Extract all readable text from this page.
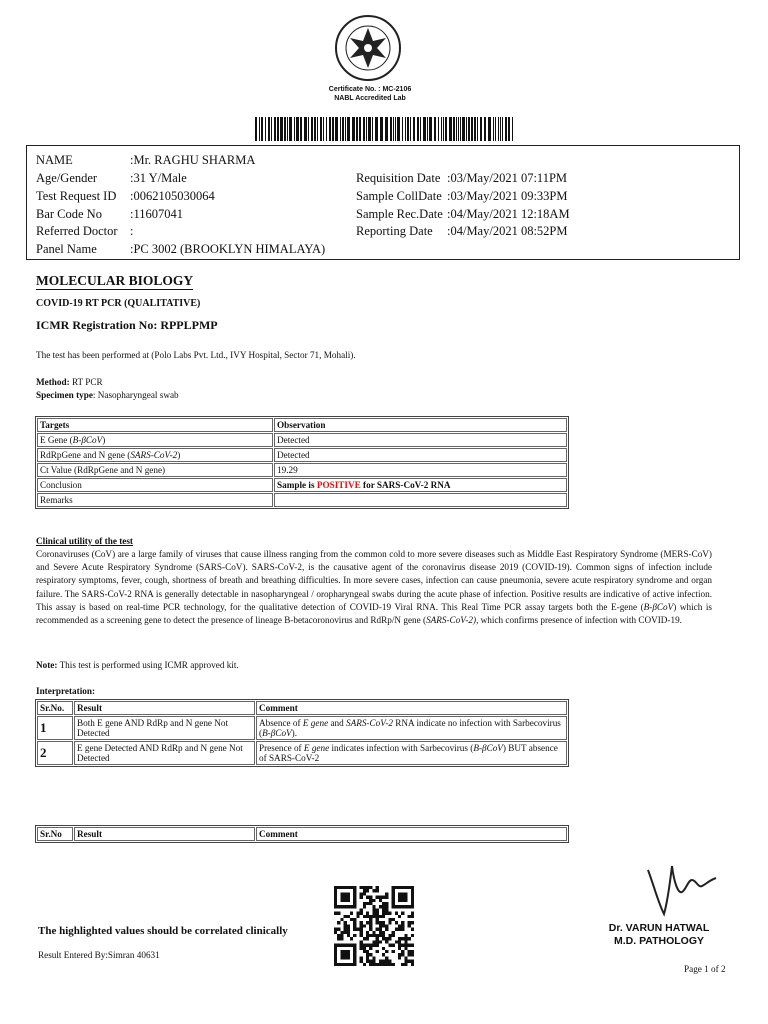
Certificate No. : MC-2106
NABL Accredited Lab
NAME	:Mr. RAGHU SHARMA
Age/Gender	:31 Y/Male
Test Request ID :0062105030064
Bar Code No :11607041
Referred Doctor :
Panel Name	:PC 3002 (BROOKLYN HIMALAYA)
Requisition Date :03/May/2021 07:11PM
Sample CollDate :03/May/2021 09:33PM
Sample Rec.Date :04/May/2021 12:18AM
Reporting Date :04/May/2021 08:52PM
MOLECULAR BIOLOGY
COVID-19 RT PCR (QUALITATIVE)
ICMR Registration No: RPPLPMP
The test has been performed at (Polo Labs Pvt. Ltd., IVY Hospital, Sector 71, Mohali).
Method: RT PCR
Specimen type: Nasopharyngeal swab
Targets	Observation
E Gene (B-βCoV)	Detected
RdRpGene and N gene (SARS-CoV-2)	Detected
Ct Value (RdRpGene and N gene)	19.29
Conclusion	Sample is POSITIVE for SARS-CoV-2 RNA
Remarks	
Clinical utility of the test
Coronaviruses (CoV) are a large family of viruses that cause illness ranging from the common cold to more severe diseases such as Middle East Respiratory Syndrome (MERS-CoV) and Severe Acute Respiratory Syndrome (SARS-CoV). SARS-CoV-2, is the causative agent of the coronavirus disease 2019 (COVID-19). Common signs of infection include respiratory symptoms, fever, cough, shortness of breath and breathing difficulties. In more severe cases, infection can cause pneumonia, severe acute respiratory syndrome and organ failure. The SARS-CoV-2 RNA is generally detectable in nasopharyngeal / oropharyngeal swabs during the acute phase of infection. Positive results are indicative of active infection. This assay is based on real-time PCR technology, for the qualitative detection of COVID-19 Viral RNA. This Real Time PCR assay targets both the E-gene (B-βCoV) which is recommended as a screening gene to detect the presence of lineage B-betacoronovirus and RdRp/N gene (SARS-CoV-2), which confirms presence of infection with COVID-19.
Note: This test is performed using ICMR approved kit.
Interpretation:
Sr.No.	Result	Comment
1	Both E gene AND RdRp and N gene Not Detected	Absence of E gene and SARS-CoV-2 RNA indicate no infection with Sarbecovirus (B-βCoV).
2	E gene Detected AND RdRp and N gene Not Detected	Presence of E gene indicates infection with Sarbecovirus (B-βCoV) BUT absence of SARS-CoV-2
Sr.No	Result	Comment
The highlighted values should be correlated clinically
Result Entered By:Simran 40631
Dr. VARUN HATWAL
M.D. PATHOLOGY
Page 1 of 2
